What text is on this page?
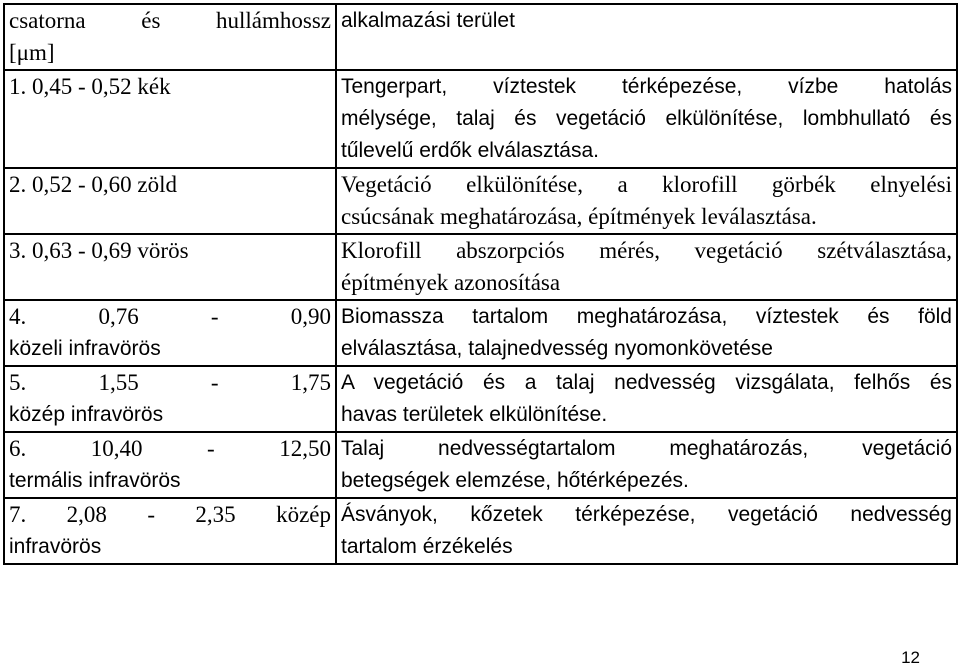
csatorna és hullámhossz
[μm]	alkalmazási terület

1. 0,45 - 0,52 kék	Tengerpart, víztestek térképezése, vízbe hatolás
mélysége, talaj és vegetáció elkülönítése, lombhullató és
tűlevelű erdők elválasztása.

2. 0,52 - 0,60 zöld	Vegetáció elkülönítése, a klorofill görbék elnyelési
csúcsának meghatározása, építmények leválasztása.

3. 0,63 - 0,69 vörös	Klorofill abszorpciós mérés, vegetáció szétválasztása,
építmények azonosítása

4. 0,76 - 0,90
közeli infravörös	Biomassza tartalom meghatározása, víztestek és föld
elválasztása, talajnedvesség nyomonkövetése

5. 1,55 - 1,75
közép infravörös	A vegetáció és a talaj nedvesség vizsgálata, felhős és
havas területek elkülönítése.

6. 10,40 - 12,50
termális infravörös	Talaj nedvességtartalom meghatározás, vegetáció
betegségek elemzése, hőtérképezés.

7. 2,08 - 2,35 közép
infravörös	Ásványok, kőzetek térképezése, vegetáció nedvesség
tartalom érzékelés
12
